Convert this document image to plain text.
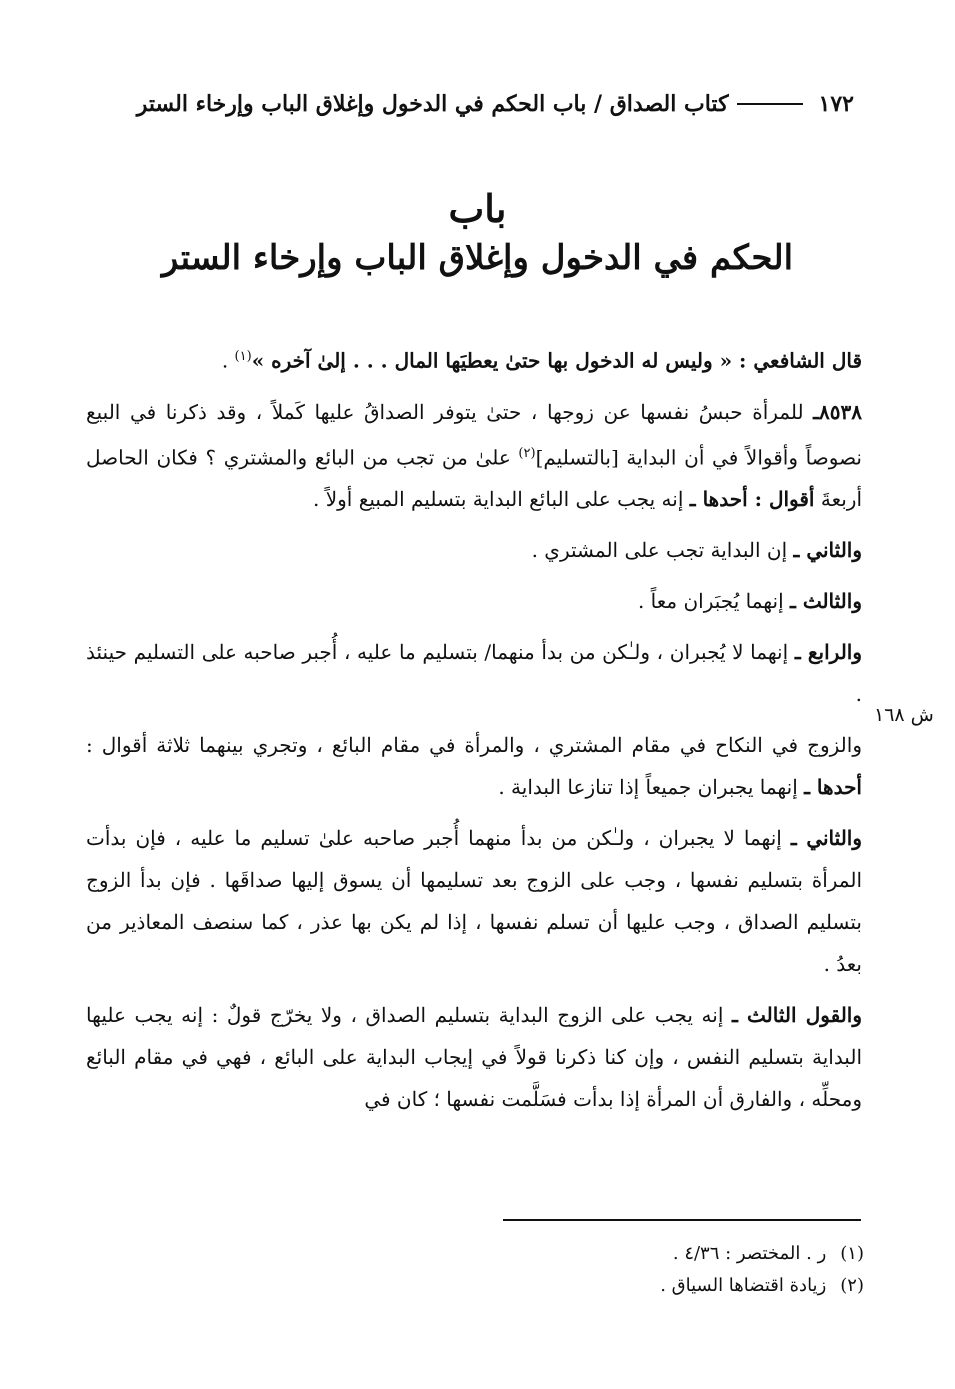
١٧٢
كتاب الصداق / باب الحكم في الدخول وإغلاق الباب وإرخاء الستر
باب
الحكم في الدخول وإغلاق الباب وإرخاء الستر

قال الشافعي : « وليس له الدخول بها حتىٰ يعطيَها المال . . . إلىٰ آخره »$^{(١)}$ .

٨٥٣٨ـ للمرأة حبسُ نفسها عن زوجها ، حتىٰ يتوفر الصداقُ عليها كَملاً ، وقد ذكرنا في البيع نصوصاً وأقوالاً في أن البداية [بالتسليم]$^{(٢)}$ علىٰ من تجب من البائع والمشتري ؟ فكان الحاصل أربعةَ أقوال : أحدها ـ إنه يجب على البائع البداية بتسليم المبيع أولاً .

والثاني ـ إن البداية تجب على المشتري .

والثالث ـ إنهما يُجبَران معاً .

والرابع ـ إنهما لا يُجبران ، ولـٰكن من بدأ منهما/ بتسليم ما عليه ، أُجبر صاحبه على التسليم حينئذ .

والزوج في النكاح في مقام المشتري ، والمرأة في مقام البائع ، وتجري بينهما ثلاثة أقوال : أحدها ـ إنهما يجبران جميعاً إذا تنازعا البداية .

والثاني ـ إنهما لا يجبران ، ولـٰكن من بدأ منهما أُجبر صاحبه علىٰ تسليم ما عليه ، فإن بدأت المرأة بتسليم نفسها ، وجب على الزوج بعد تسليمها أن يسوق إليها صداقَها . فإن بدأ الزوج بتسليم الصداق ، وجب عليها أن تسلم نفسها ، إذا لم يكن بها عذر ، كما سنصف المعاذير من بعدُ .

والقول الثالث ـ إنه يجب على الزوج البداية بتسليم الصداق ، ولا يخرّج قولٌ : إنه يجب عليها البداية بتسليم النفس ، وإن كنا ذكرنا قولاً في إيجاب البداية على البائع ، فهي في مقام البائع ومحلِّه ، والفارق أن المرأة إذا بدأت فسَلَّمت نفسها ؛ كان في

ش ١٦٨
(١)ر . المختصر : ٤/٣٦ .
(٢)زيادة اقتضاها السياق .
